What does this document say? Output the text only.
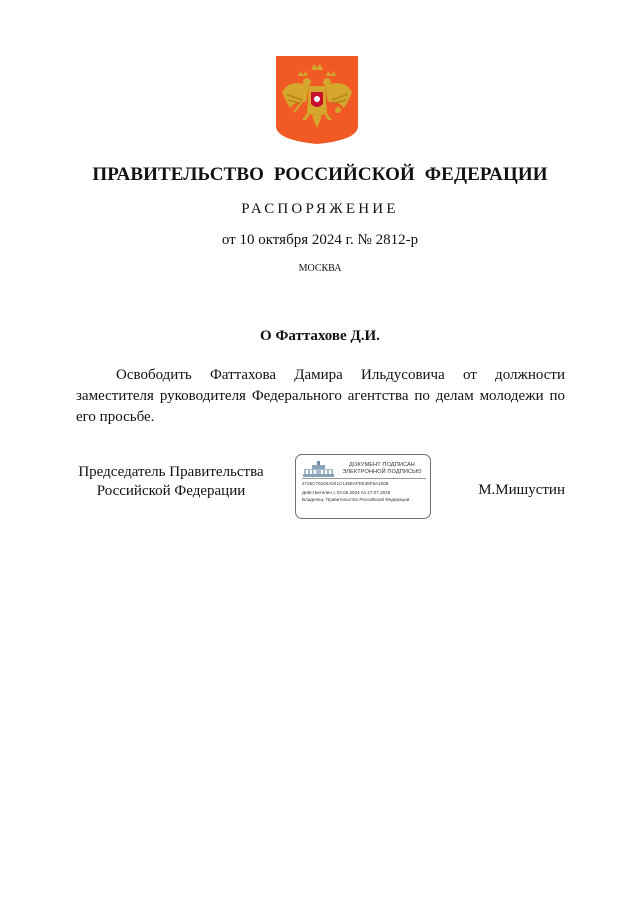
ПРАВИТЕЛЬСТВО РОССИЙСКОЙ ФЕДЕРАЦИИ
РАСПОРЯЖЕНИЕ
от 10 октября 2024 г. № 2812-р
МОСКВА
О Фаттахове Д.И.

Освободить Фаттахова Дамира Ильдусовича от должности заместителя руководителя Федерального агентства по делам молодежи по его просьбе.

Председатель Правительства
Российской Федерации
ДОКУМЕНТ ПОДПИСАН
ЭЛЕКТРОННОЙ ПОДПИСЬЮ
2726C76104A041C1458AFEE36F8A1009
Действителен с 03.05.2024 по 27.07.2025
Владелец: Правительство Российской Федерации
М.Мишустин
